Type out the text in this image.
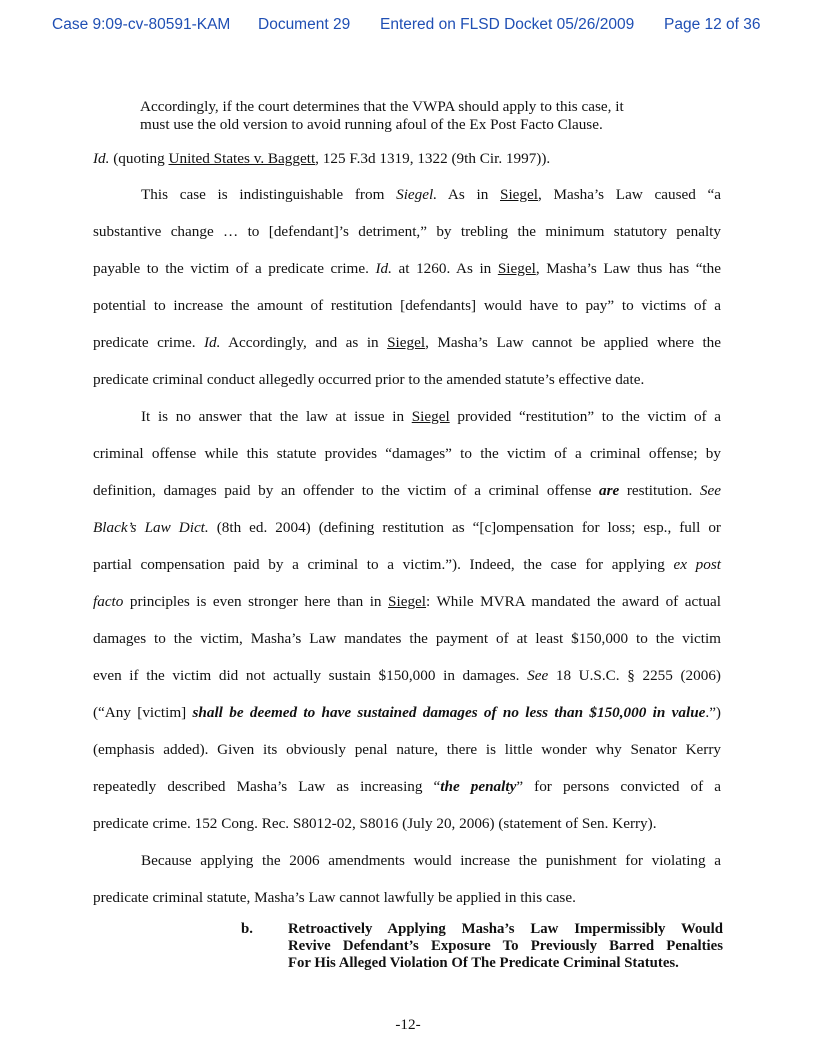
Case 9:09-cv-80591-KAM Document 29 Entered on FLSD Docket 05/26/2009 Page 12 of 36
Accordingly, if the court determines that the VWPA should apply to this case, it
must use the old version to avoid running afoul of the Ex Post Facto Clause.
Id. (quoting United States v. Baggett, 125 F.3d 1319, 1322 (9th Cir. 1997)).
This case is indistinguishable from Siegel. As in Siegel, Masha’s Law caused “a
substantive change … to [defendant]’s detriment,” by trebling the minimum statutory penalty
payable to the victim of a predicate crime. Id. at 1260. As in Siegel, Masha’s Law thus has “the
potential to increase the amount of restitution [defendants] would have to pay” to victims of a
predicate crime. Id. Accordingly, and as in Siegel, Masha’s Law cannot be applied where the
predicate criminal conduct allegedly occurred prior to the amended statute’s effective date.
It is no answer that the law at issue in Siegel provided “restitution” to the victim of a
criminal offense while this statute provides “damages” to the victim of a criminal offense; by
definition, damages paid by an offender to the victim of a criminal offense are restitution. See
Black’s Law Dict. (8th ed. 2004) (defining restitution as “[c]ompensation for loss; esp., full or
partial compensation paid by a criminal to a victim.”). Indeed, the case for applying ex post
facto principles is even stronger here than in Siegel: While MVRA mandated the award of actual
damages to the victim, Masha’s Law mandates the payment of at least $150,000 to the victim
even if the victim did not actually sustain $150,000 in damages. See 18 U.S.C. § 2255 (2006)
(“Any [victim] shall be deemed to have sustained damages of no less than $150,000 in value.”)
(emphasis added). Given its obviously penal nature, there is little wonder why Senator Kerry
repeatedly described Masha’s Law as increasing “the penalty” for persons convicted of a
predicate crime. 152 Cong. Rec. S8012-02, S8016 (July 20, 2006) (statement of Sen. Kerry).
Because applying the 2006 amendments would increase the punishment for violating a
predicate criminal statute, Masha’s Law cannot lawfully be applied in this case.
b. Retroactively Applying Masha’s Law Impermissibly Would
Revive Defendant’s Exposure To Previously Barred Penalties
For His Alleged Violation Of The Predicate Criminal Statutes.
-12-
